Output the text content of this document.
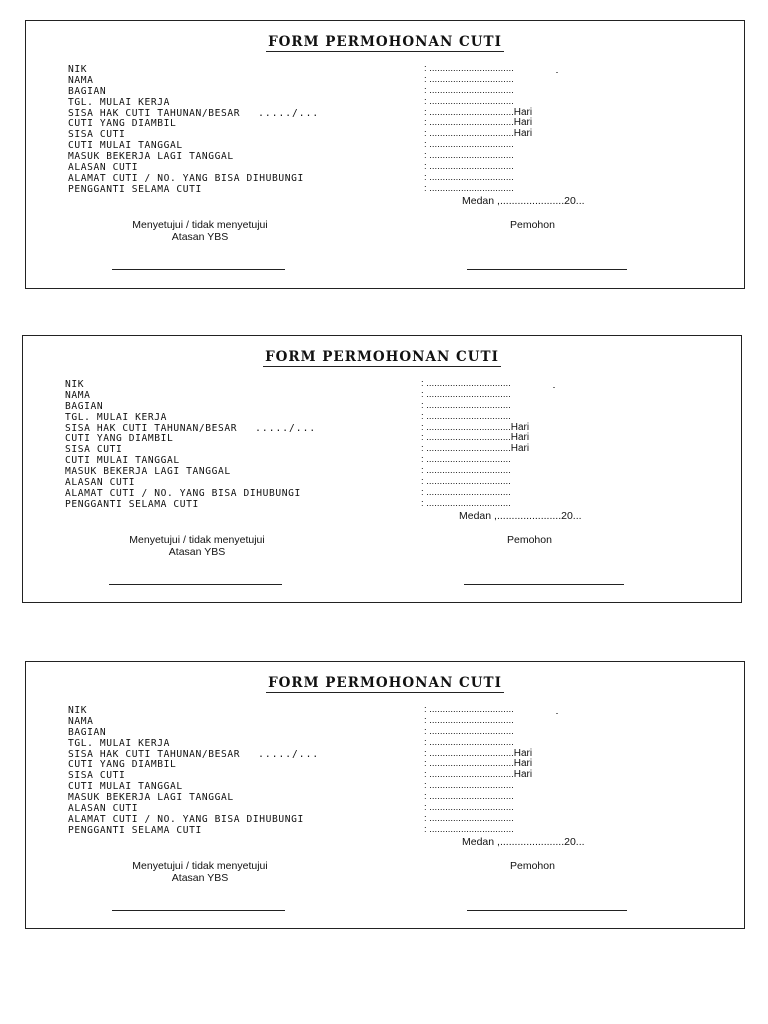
FORM PERMOHONAN CUTI
NIK
NAMA
BAGIAN
TGL. MULAI KERJA
SISA HAK CUTI TAHUNAN/BESAR ...../...
CUTI YANG DIAMBIL
SISA CUTI
CUTI MULAI TANGGAL
MASUK BEKERJA LAGI TANGGAL
ALASAN CUTI
ALAMAT CUTI / NO. YANG BISA DIHUBUNGI
PENGGANTI SELAMA CUTI
: ................................
: ................................
: ................................
: ................................
: ................................Hari
: ................................Hari
: ................................Hari
: ................................
: ................................
: ................................
: ................................
: ................................
Medan ,......................20...
Menyetujui / tidak menyetujui
Atasan YBS
Pemohon
FORM PERMOHONAN CUTI
NIK
NAMA
BAGIAN
TGL. MULAI KERJA
SISA HAK CUTI TAHUNAN/BESAR ...../...
CUTI YANG DIAMBIL
SISA CUTI
CUTI MULAI TANGGAL
MASUK BEKERJA LAGI TANGGAL
ALASAN CUTI
ALAMAT CUTI / NO. YANG BISA DIHUBUNGI
PENGGANTI SELAMA CUTI
: ................................
: ................................
: ................................
: ................................
: ................................Hari
: ................................Hari
: ................................Hari
: ................................
: ................................
: ................................
: ................................
: ................................
Medan ,......................20...
Menyetujui / tidak menyetujui
Atasan YBS
Pemohon
FORM PERMOHONAN CUTI
NIK
NAMA
BAGIAN
TGL. MULAI KERJA
SISA HAK CUTI TAHUNAN/BESAR ...../...
CUTI YANG DIAMBIL
SISA CUTI
CUTI MULAI TANGGAL
MASUK BEKERJA LAGI TANGGAL
ALASAN CUTI
ALAMAT CUTI / NO. YANG BISA DIHUBUNGI
PENGGANTI SELAMA CUTI
: ................................
: ................................
: ................................
: ................................
: ................................Hari
: ................................Hari
: ................................Hari
: ................................
: ................................
: ................................
: ................................
: ................................
Medan ,......................20...
Menyetujui / tidak menyetujui
Atasan YBS
Pemohon
